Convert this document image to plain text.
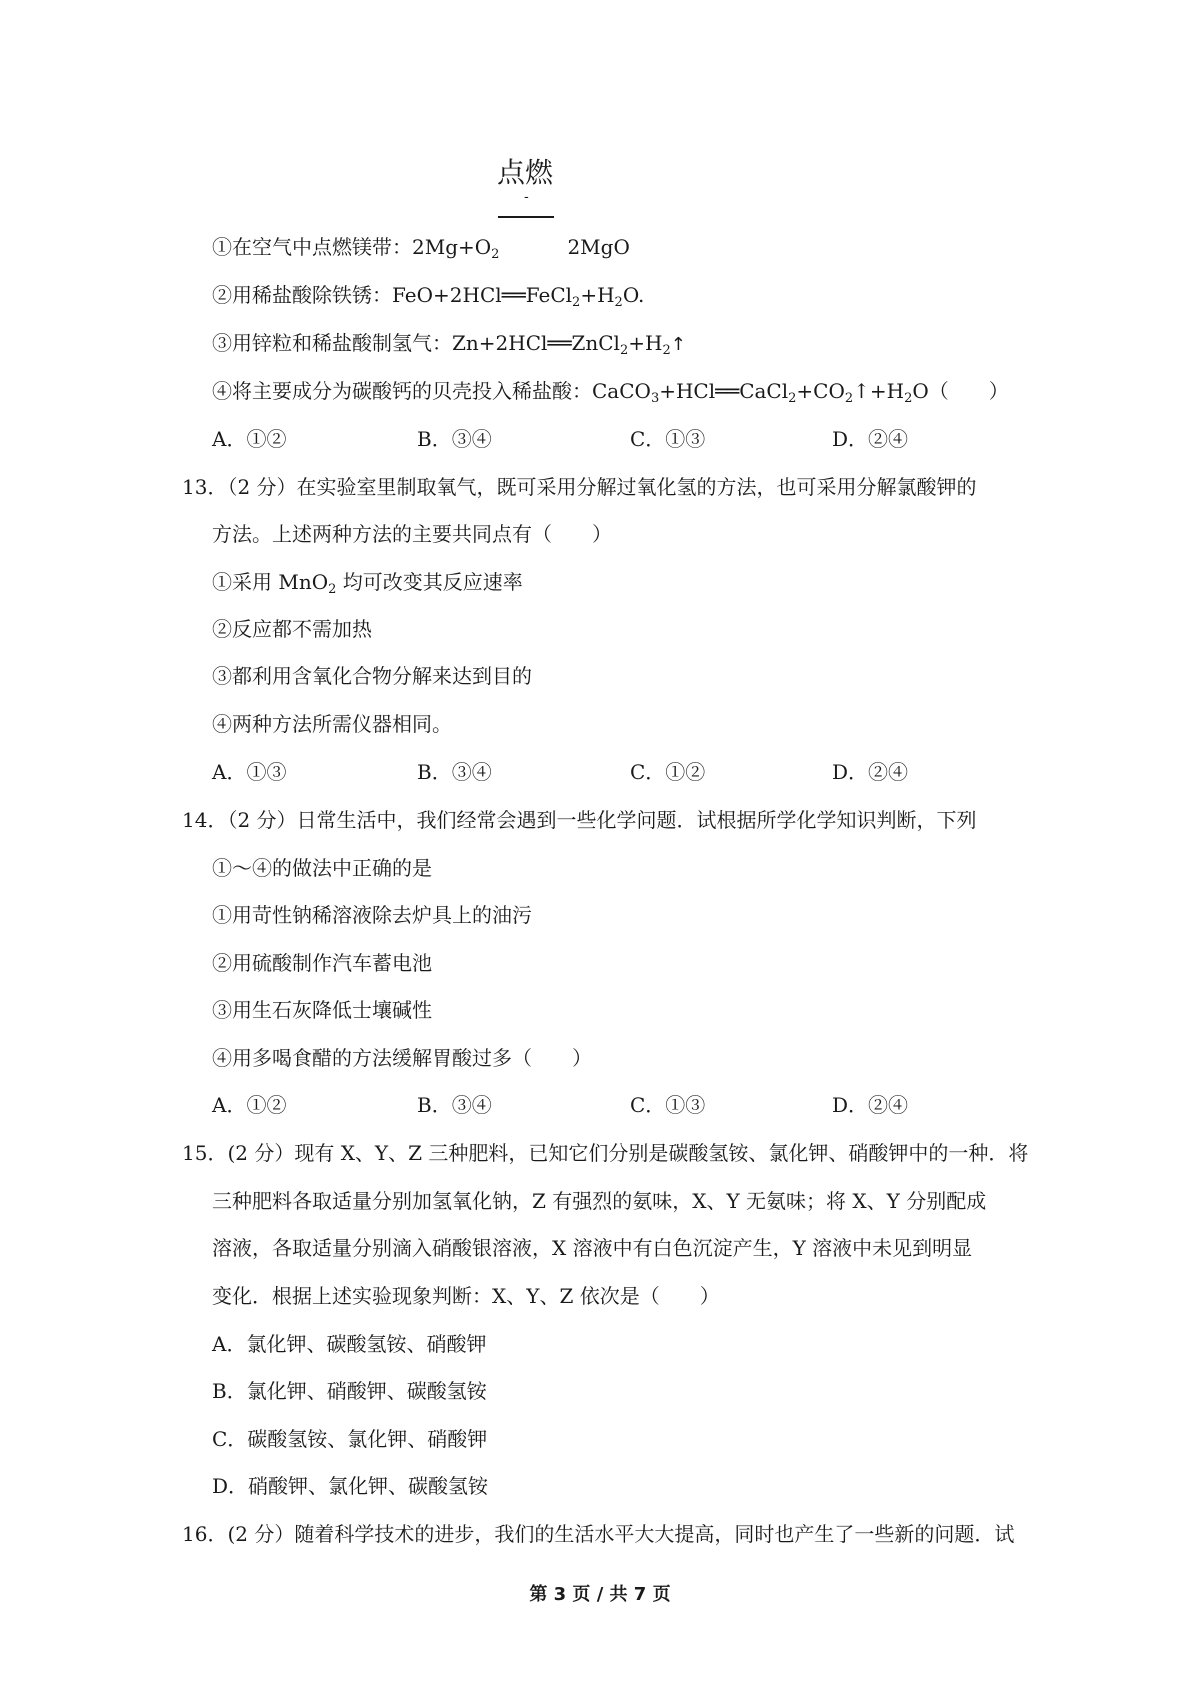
点燃
-
①在空气中点燃镁带：$2Mg+O_2$	2MgO
②用稀盐酸除铁锈：$FeO+2HCl══FeCl_2+H_2O$.
③用锌粒和稀盐酸制氢气：$Zn+2HCl══ZnCl_2+H_2↑$
④将主要成分为碳酸钙的贝壳投入稀盐酸：$CaCO_3+HCl══CaCl_2+CO_2↑+H_2O$（　　）
A．①②	B．③④	C．①③	D．②④
13．（2 分）在实验室里制取氧气，既可采用分解过氧化氢的方法，也可采用分解氯酸钾的
方法。上述两种方法的主要共同点有（　　）
①采用 MnO$_2$ 均可改变其反应速率
②反应都不需加热
③都利用含氧化合物分解来达到目的
④两种方法所需仪器相同。
A．①③	B．③④	C．①②	D．②④
14．（2 分）日常生活中，我们经常会遇到一些化学问题．试根据所学化学知识判断，下列
①～④的做法中正确的是
①用苛性钠稀溶液除去炉具上的油污
②用硫酸制作汽车蓄电池
③用生石灰降低士壤碱性
④用多喝食醋的方法缓解胃酸过多（　　）
A．①②	B．③④	C．①③	D．②④
15．(2 分）现有 X、Y、Z 三种肥料，已知它们分别是碳酸氢铵、氯化钾、硝酸钾中的一种．将
三种肥料各取适量分别加氢氧化钠，Z 有强烈的氨味，X、Y 无氨味；将 X、Y 分别配成
溶液，各取适量分别滴入硝酸银溶液，X 溶液中有白色沉淀产生，Y 溶液中未见到明显
变化．根据上述实验现象判断：X、Y、Z 依次是（　　）
A．氯化钾、碳酸氢铵、硝酸钾
B．氯化钾、硝酸钾、碳酸氢铵
C．碳酸氢铵、氯化钾、硝酸钾
D．硝酸钾、氯化钾、碳酸氢铵
16．(2 分）随着科学技术的进步，我们的生活水平大大提高，同时也产生了一些新的问题．试
第 3 页 / 共 7 页
